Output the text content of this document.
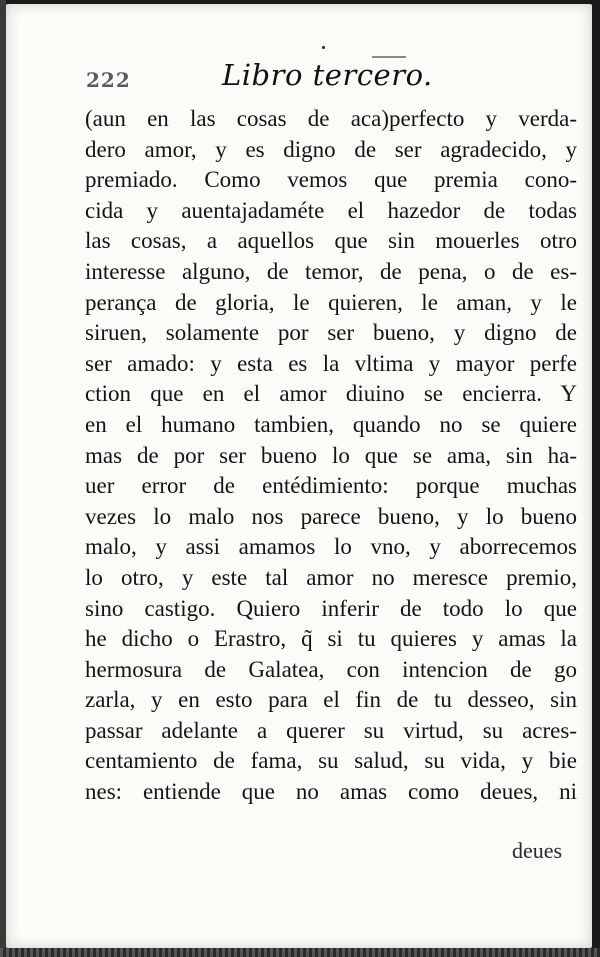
222	Libro tercero.
(aun en las cosas de aca)perfecto y verda-
dero amor, y es digno de ser agradecido, y
premiado. Como vemos que premia cono-
cida y auentajadaméte el hazedor de todas
las cosas, a aquellos que sin mouerles otro
interesse alguno, de temor, de pena, o de es-
perança de gloria, le quieren, le aman, y le
siruen, solamente por ser bueno, y digno de
ser amado: y esta es la vltima y mayor perfe
ction que en el amor diuino se encierra. Y
en el humano tambien, quando no se quiere
mas de por ser bueno lo que se ama, sin ha-
uer error de entédimiento: porque muchas
vezes lo malo nos parece bueno, y lo bueno
malo, y assi amamos lo vno, y aborrecemos
lo otro, y este tal amor no meresce premio,
sino castigo. Quiero inferir de todo lo que
he dicho o Erastro, q̃ si tu quieres y amas la
hermosura de Galatea, con intencion de go
zarla, y en esto para el fin de tu desseo, sin
passar adelante a querer su virtud, su acres-
centamiento de fama, su salud, su vida, y bie
nes: entiende que no amas como deues, ni
deues
